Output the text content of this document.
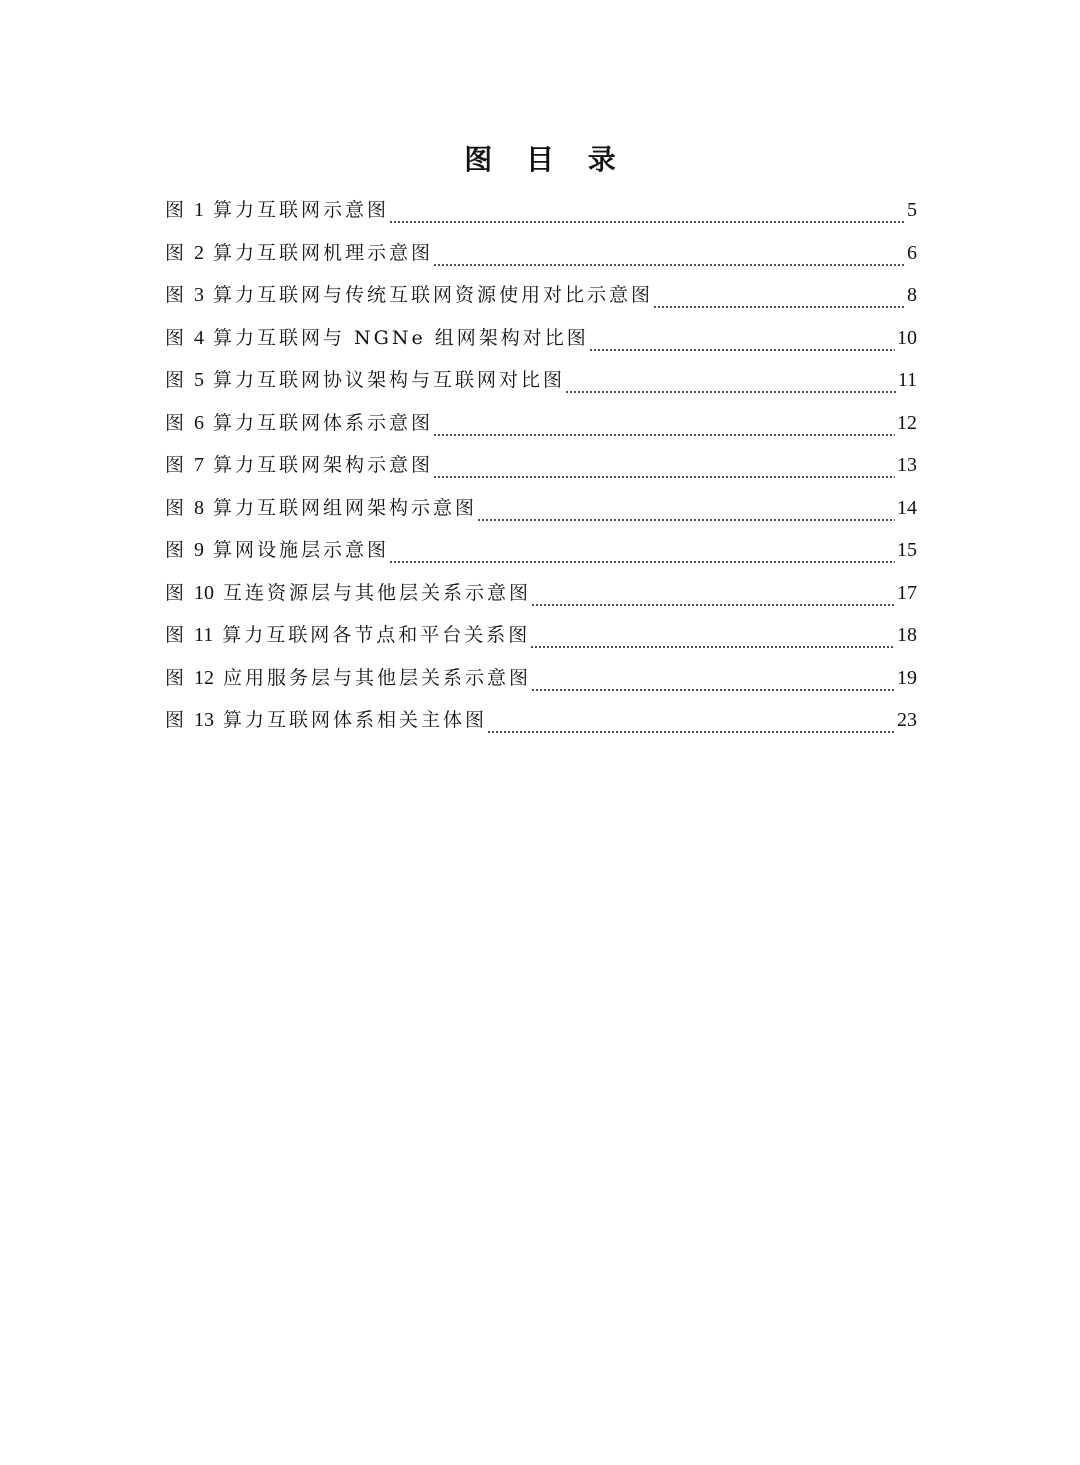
图 目 录
图 1 算力互联网示意图	5
图 2 算力互联网机理示意图	6
图 3 算力互联网与传统互联网资源使用对比示意图	8
图 4 算力互联网与 NGNe 组网架构对比图	10
图 5 算力互联网协议架构与互联网对比图	11
图 6 算力互联网体系示意图	12
图 7 算力互联网架构示意图	13
图 8 算力互联网组网架构示意图	14
图 9 算网设施层示意图	15
图 10 互连资源层与其他层关系示意图	17
图 11 算力互联网各节点和平台关系图	18
图 12 应用服务层与其他层关系示意图	19
图 13 算力互联网体系相关主体图	23
